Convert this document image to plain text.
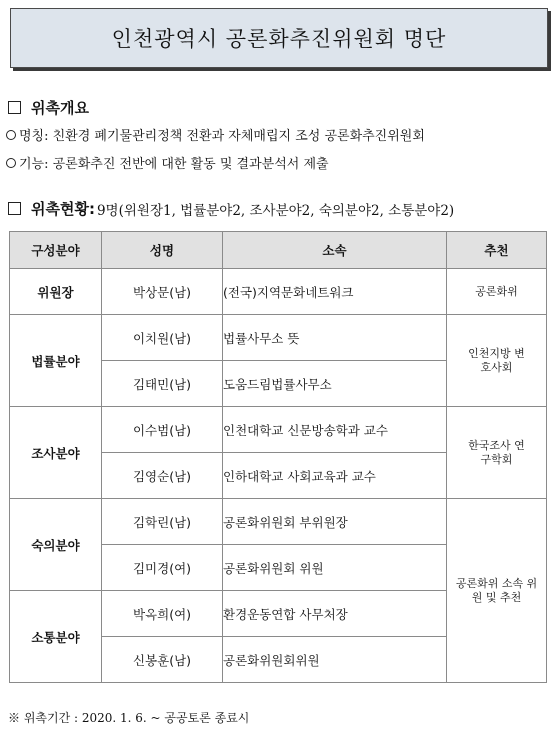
인천광역시 공론화추진위원회 명단
위촉개요
명칭: 친환경 폐기물관리정책 전환과 자체매립지 조성 공론화추진위원회
기능: 공론화추진 전반에 대한 활동 및 결과분석서 제출
위촉현황: 9명(위원장1, 법률분야2, 조사분야2, 숙의분야2, 소통분야2)
구성분야	성명	소속	추천
위원장	박상문(남)	(전국)지역문화네트워크	공론화위
법률분야	이치원(남)	법률사무소 뜻	인천지방 변호사회
	김태민(남)	도움드림법률사무소	
조사분야	이수범(남)	인천대학교 신문방송학과 교수	한국조사 연구학회
	김영순(남)	인하대학교 사회교육과 교수	
숙의분야	김학린(남)	공론화위원회 부위원장	공론화위 소속 위원 및 추천
	김미경(여)	공론화위원회 위원	
소통분야	박옥희(여)	환경운동연합 사무처장	
	신봉훈(남)	공론화위원회위원	
※ 위촉기간 : 2020. 1. 6. ~ 공공토론 종료시
